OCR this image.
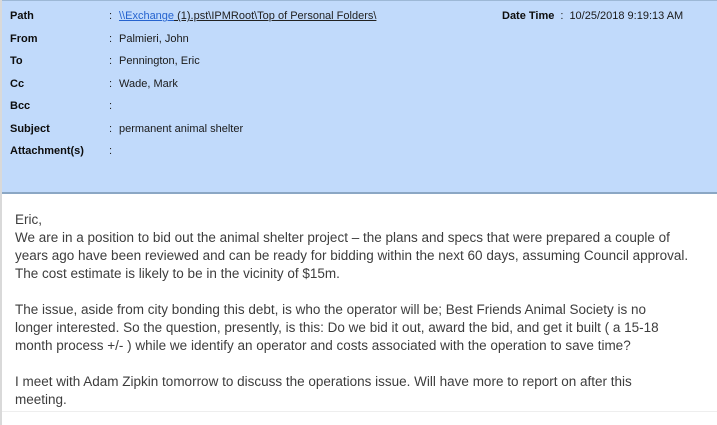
Path	: \\Exchange (1).pst\IPMRoot\Top of Personal Folders\	Date Time : 10/25/2018 9:19:13 AM
From	: Palmieri, John
To	: Pennington, Eric
Cc	: Wade, Mark
Bcc	:
Subject	: permanent animal shelter
Attachment(s)	:
Eric,
We are in a position to bid out the animal shelter project – the plans and specs that were prepared a couple of
years ago have been reviewed and can be ready for bidding within the next 60 days, assuming Council approval.
The cost estimate is likely to be in the vicinity of $15m.
The issue, aside from city bonding this debt, is who the operator will be; Best Friends Animal Society is no
longer interested. So the question, presently, is this: Do we bid it out, award the bid, and get it built ( a 15-18
month process +/- ) while we identify an operator and costs associated with the operation to save time?
I meet with Adam Zipkin tomorrow to discuss the operations issue. Will have more to report on after this
meeting.
